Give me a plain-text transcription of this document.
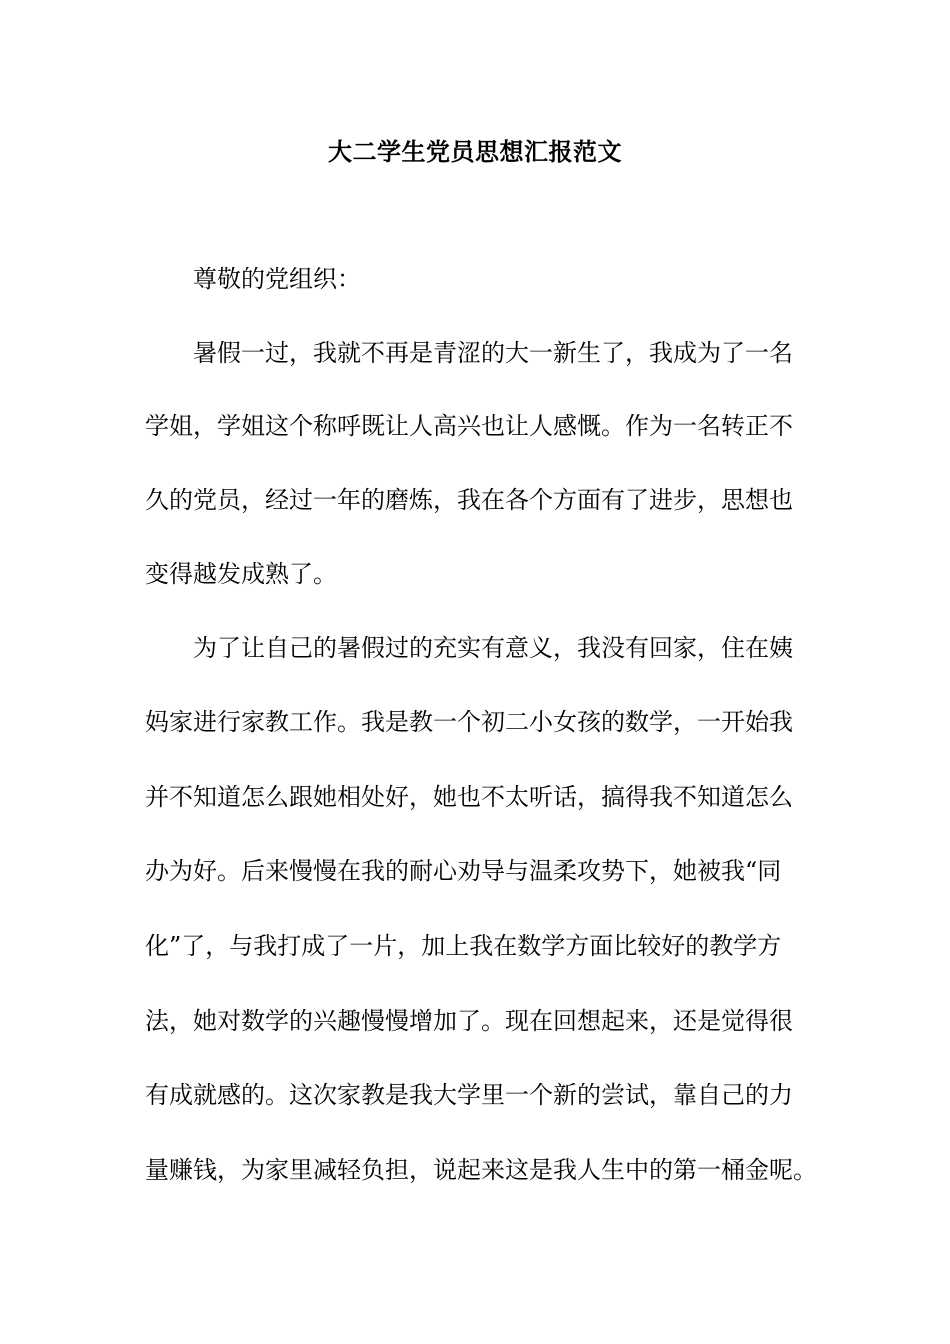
大二学生党员思想汇报范文
尊敬的党组织：
暑假一过，我就不再是青涩的大一新生了，我成为了一名
学姐，学姐这个称呼既让人高兴也让人感慨。作为一名转正不
久的党员，经过一年的磨炼，我在各个方面有了进步，思想也
变得越发成熟了。
为了让自己的暑假过的充实有意义，我没有回家，住在姨
妈家进行家教工作。我是教一个初二小女孩的数学，一开始我
并不知道怎么跟她相处好，她也不太听话，搞得我不知道怎么
办为好。后来慢慢在我的耐心劝导与温柔攻势下，她被我“同
化”了，与我打成了一片，加上我在数学方面比较好的教学方
法，她对数学的兴趣慢慢增加了。现在回想起来，还是觉得很
有成就感的。这次家教是我大学里一个新的尝试，靠自己的力
量赚钱，为家里减轻负担，说起来这是我人生中的第一桶金呢。
